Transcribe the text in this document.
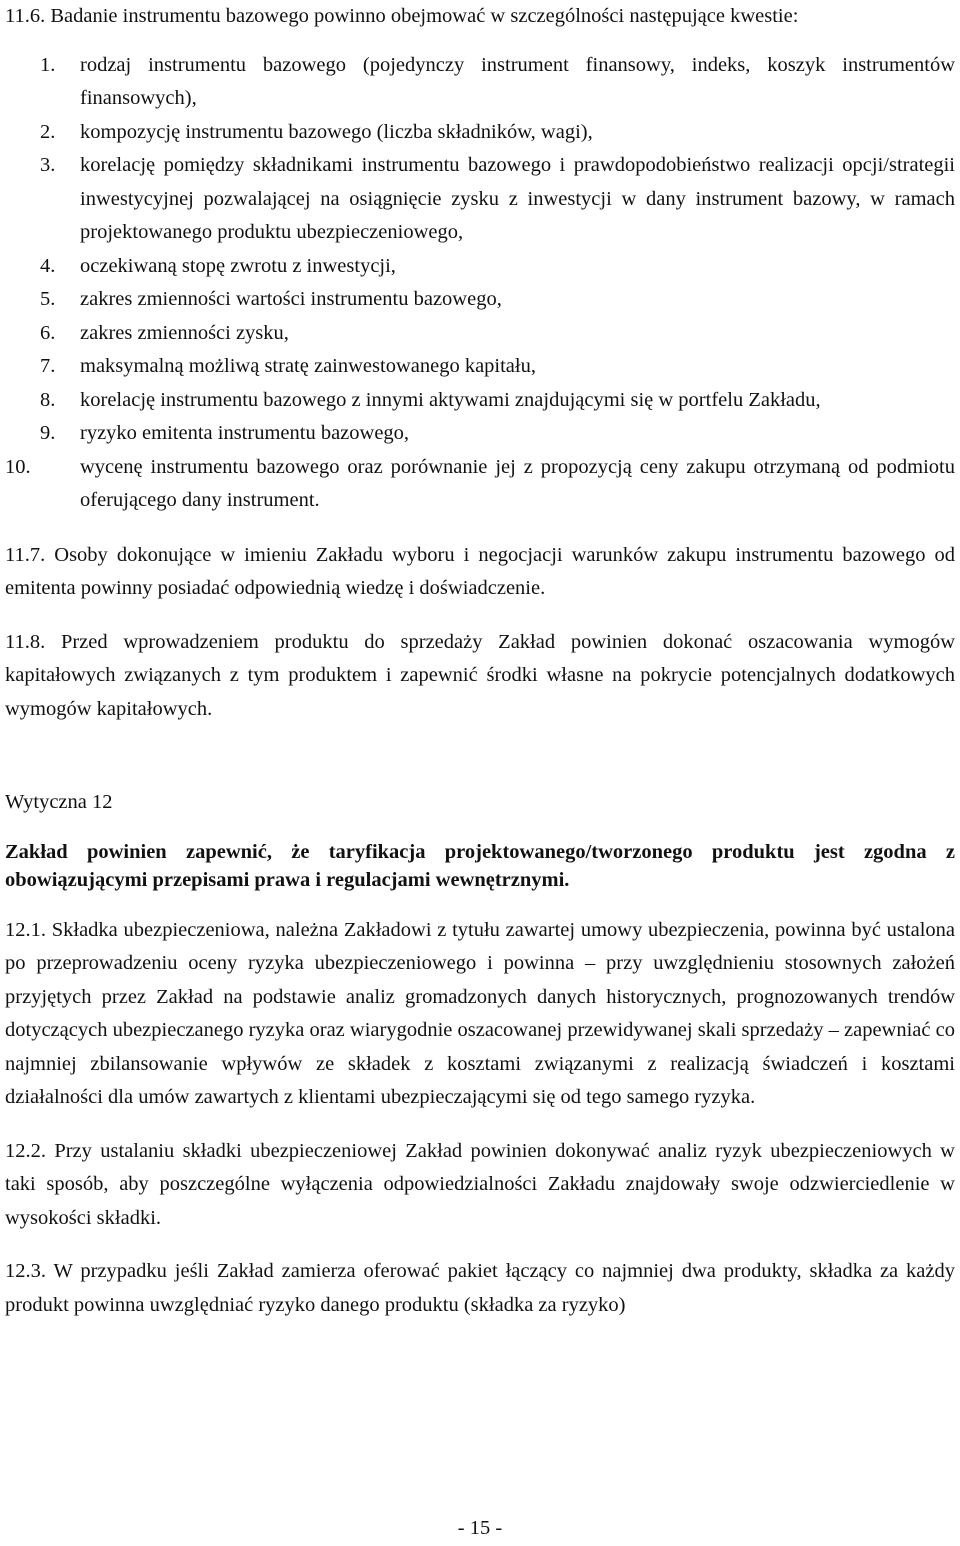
11.6. Badanie instrumentu bazowego powinno obejmować w szczególności następujące kwestie:

1. rodzaj instrumentu bazowego (pojedynczy instrument finansowy, indeks, koszyk instrumentów finansowych),
2. kompozycję instrumentu bazowego (liczba składników, wagi),
3. korelację pomiędzy składnikami instrumentu bazowego i prawdopodobieństwo realizacji opcji/strategii inwestycyjnej pozwalającej na osiągnięcie zysku z inwestycji w dany instrument bazowy, w ramach projektowanego produktu ubezpieczeniowego,
4. oczekiwaną stopę zwrotu z inwestycji,
5. zakres zmienności wartości instrumentu bazowego,
6. zakres zmienności zysku,
7. maksymalną możliwą stratę zainwestowanego kapitału,
8. korelację instrumentu bazowego z innymi aktywami znajdującymi się w portfelu Zakładu,
9. ryzyko emitenta instrumentu bazowego,
10. wycenę instrumentu bazowego oraz porównanie jej z propozycją ceny zakupu otrzymaną od podmiotu oferującego dany instrument.

11.7. Osoby dokonujące w imieniu Zakładu wyboru i negocjacji warunków zakupu instrumentu bazowego od emitenta powinny posiadać odpowiednią wiedzę i doświadczenie.

11.8. Przed wprowadzeniem produktu do sprzedaży Zakład powinien dokonać oszacowania wymogów kapitałowych związanych z tym produktem i zapewnić środki własne na pokrycie potencjalnych dodatkowych wymogów kapitałowych.

Wytyczna 12

Zakład powinien zapewnić, że taryfikacja projektowanego/tworzonego produktu jest zgodna z obowiązującymi przepisami prawa i regulacjami wewnętrznymi.

12.1. Składka ubezpieczeniowa, należna Zakładowi z tytułu zawartej umowy ubezpieczenia, powinna być ustalona po przeprowadzeniu oceny ryzyka ubezpieczeniowego i powinna – przy uwzględnieniu stosownych założeń przyjętych przez Zakład na podstawie analiz gromadzonych danych historycznych, prognozowanych trendów dotyczących ubezpieczanego ryzyka oraz wiarygodnie oszacowanej przewidywanej skali sprzedaży – zapewniać co najmniej zbilansowanie wpływów ze składek z kosztami związanymi z realizacją świadczeń i kosztami działalności dla umów zawartych z klientami ubezpieczającymi się od tego samego ryzyka.

12.2. Przy ustalaniu składki ubezpieczeniowej Zakład powinien dokonywać analiz ryzyk ubezpieczeniowych w taki sposób, aby poszczególne wyłączenia odpowiedzialności Zakładu znajdowały swoje odzwierciedlenie w wysokości składki.

12.3. W przypadku jeśli Zakład zamierza oferować pakiet łączący co najmniej dwa produkty, składka za każdy produkt powinna uwzględniać ryzyko danego produktu (składka za ryzyko)

- 15 -
